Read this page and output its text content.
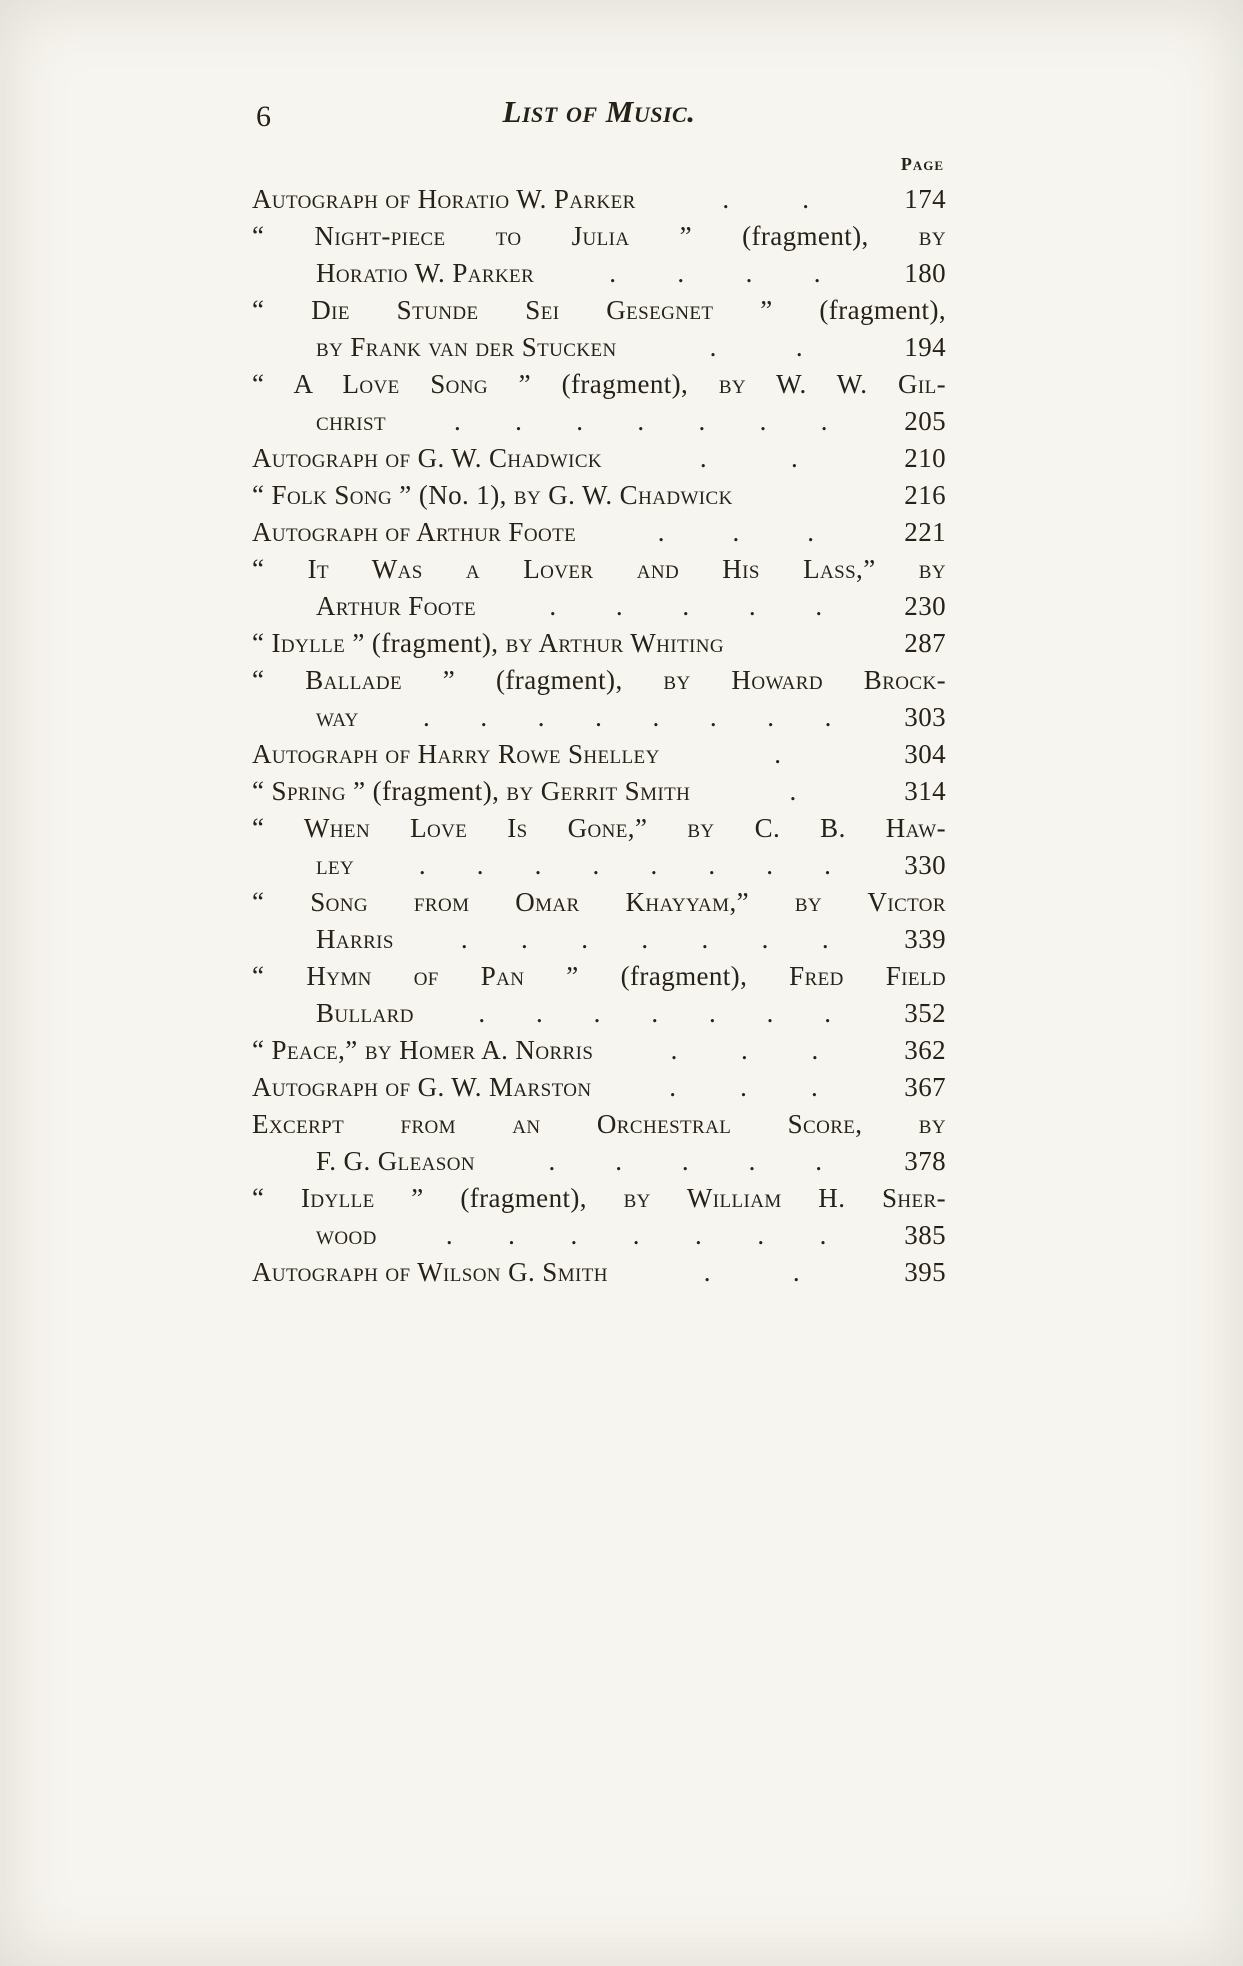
6	List of Music.
Page
Autograph of Horatio W. Parker	.	.	174
“ Night-piece to Julia ” (fragment), by
Horatio W. Parker	. . . .	180
“ Die Stunde Sei Gesegnet ” (fragment),
by Frank van der Stucken	.	.	194
“ A Love Song ” (fragment), by W. W. Gil-
christ	. . . . . . .	205
Autograph of G. W. Chadwick	.	.	210
“ Folk Song ” (No. 1), by G. W. Chadwick	216
Autograph of Arthur Foote	.	.	.	221
“ It Was a Lover and His Lass,” by
Arthur Foote	. . . . .	230
“ Idylle ” (fragment), by Arthur Whiting	287
“ Ballade ” (fragment), by Howard Brock-
way . . . . . . . .	303
Autograph of Harry Rowe Shelley	.	304
“ Spring ” (fragment), by Gerrit Smith	.	314
“ When Love Is Gone,” by C. B. Haw-
ley . . . . . . . .	330
“ Song from Omar Khayyam,” by Victor
Harris . . . . . . .	339
“ Hymn of Pan ” (fragment), Fred Field
Bullard . . . . . . .	352
“ Peace,” by Homer A. Norris	. . .	362
Autograph of G. W. Marston	. . .	367
Excerpt from an Orchestral Score, by
F. G. Gleason	. . . . .	378
“ Idylle ” (fragment), by William H. Sher-
wood	. . . . . . .	385
Autograph of Wilson G. Smith	.	.	395
